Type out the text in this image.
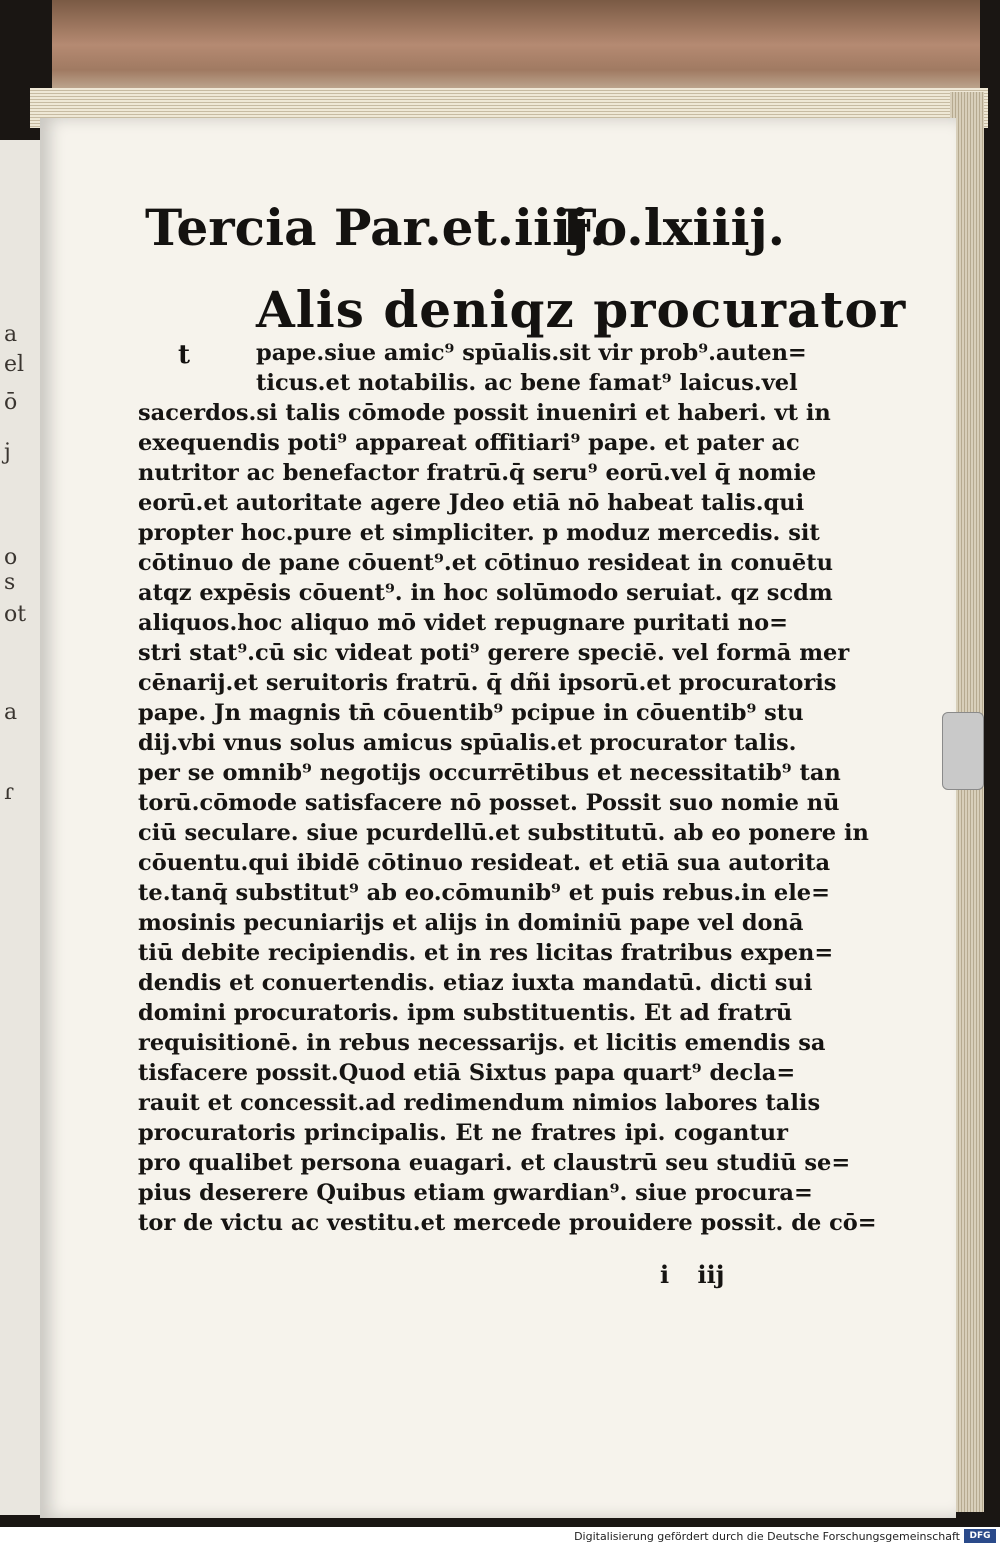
a
el
ō
j
o
s
ot
a
ɾ
Tercia Par.et.iiij.
Fo.lxiiij.
Alis deniqz procurator
t	pape.siue amic⁹ spūalis.sit vir prob⁹.auten=
ticus.et notabilis. ac bene famat⁹ laicus.vel
sacerdos.si talis cōmode possit inueniri et haberi. vt in
exequendis poti⁹ appareat offitiari⁹ pape. et pater ac
nutritor ac benefactor fratrū.q̄ seru⁹ eorū.vel q̄ nomie
eorū.et autoritate agere Jdeo etiā nō habeat talis.qui
propter hoc.pure et simpliciter. p moduz mercedis. sit
cōtinuo de pane cōuent⁹.et cōtinuo resideat in conuētu
atqz expēsis cōuent⁹. in hoc solūmodo seruiat. qz scdm
aliquos.hoc aliquo mō videt repugnare puritati no=
stri stat⁹.cū sic videat poti⁹ gerere speciē. vel formā mer
cēnarij.et seruitoris fratrū. q̄ dñi ipsorū.et procuratoris
pape. Jn magnis tn̄ cōuentib⁹ pcipue in cōuentib⁹ stu
dij.vbi vnus solus amicus spūalis.et procurator talis.
per se omnib⁹ negotijs occurrētibus et necessitatib⁹ tan
torū.cōmode satisfacere nō posset. Possit suo nomie nū
ciū seculare. siue pcurdellū.et substitutū. ab eo ponere in
cōuentu.qui ibidē cōtinuo resideat. et etiā sua autorita
te.tanq̄ substitut⁹ ab eo.cōmunib⁹ et puis rebus.in ele=
mosinis pecuniarijs et alijs in dominiū pape vel donā
tiū debite recipiendis. et in res licitas fratribus expen=
dendis et conuertendis. etiaz iuxta mandatū. dicti sui
domini procuratoris. ipm substituentis. Et ad fratrū
requisitionē. in rebus necessarijs. et licitis emendis sa
tisfacere possit.Quod etiā Sixtus papa quart⁹ decla=
rauit et concessit.ad redimendum nimios labores talis
procuratoris principalis. Et ne fratres ipi. cogantur
pro qualibet persona euagari. et claustrū seu studiū se=
pius deserere Quibus etiam gwardian⁹. siue procura=
tor de victu ac vestitu.et mercede prouidere possit. de cō=
i iij
Digitalisierung gefördert durch die Deutsche Forschungsgemeinschaft	DFG
